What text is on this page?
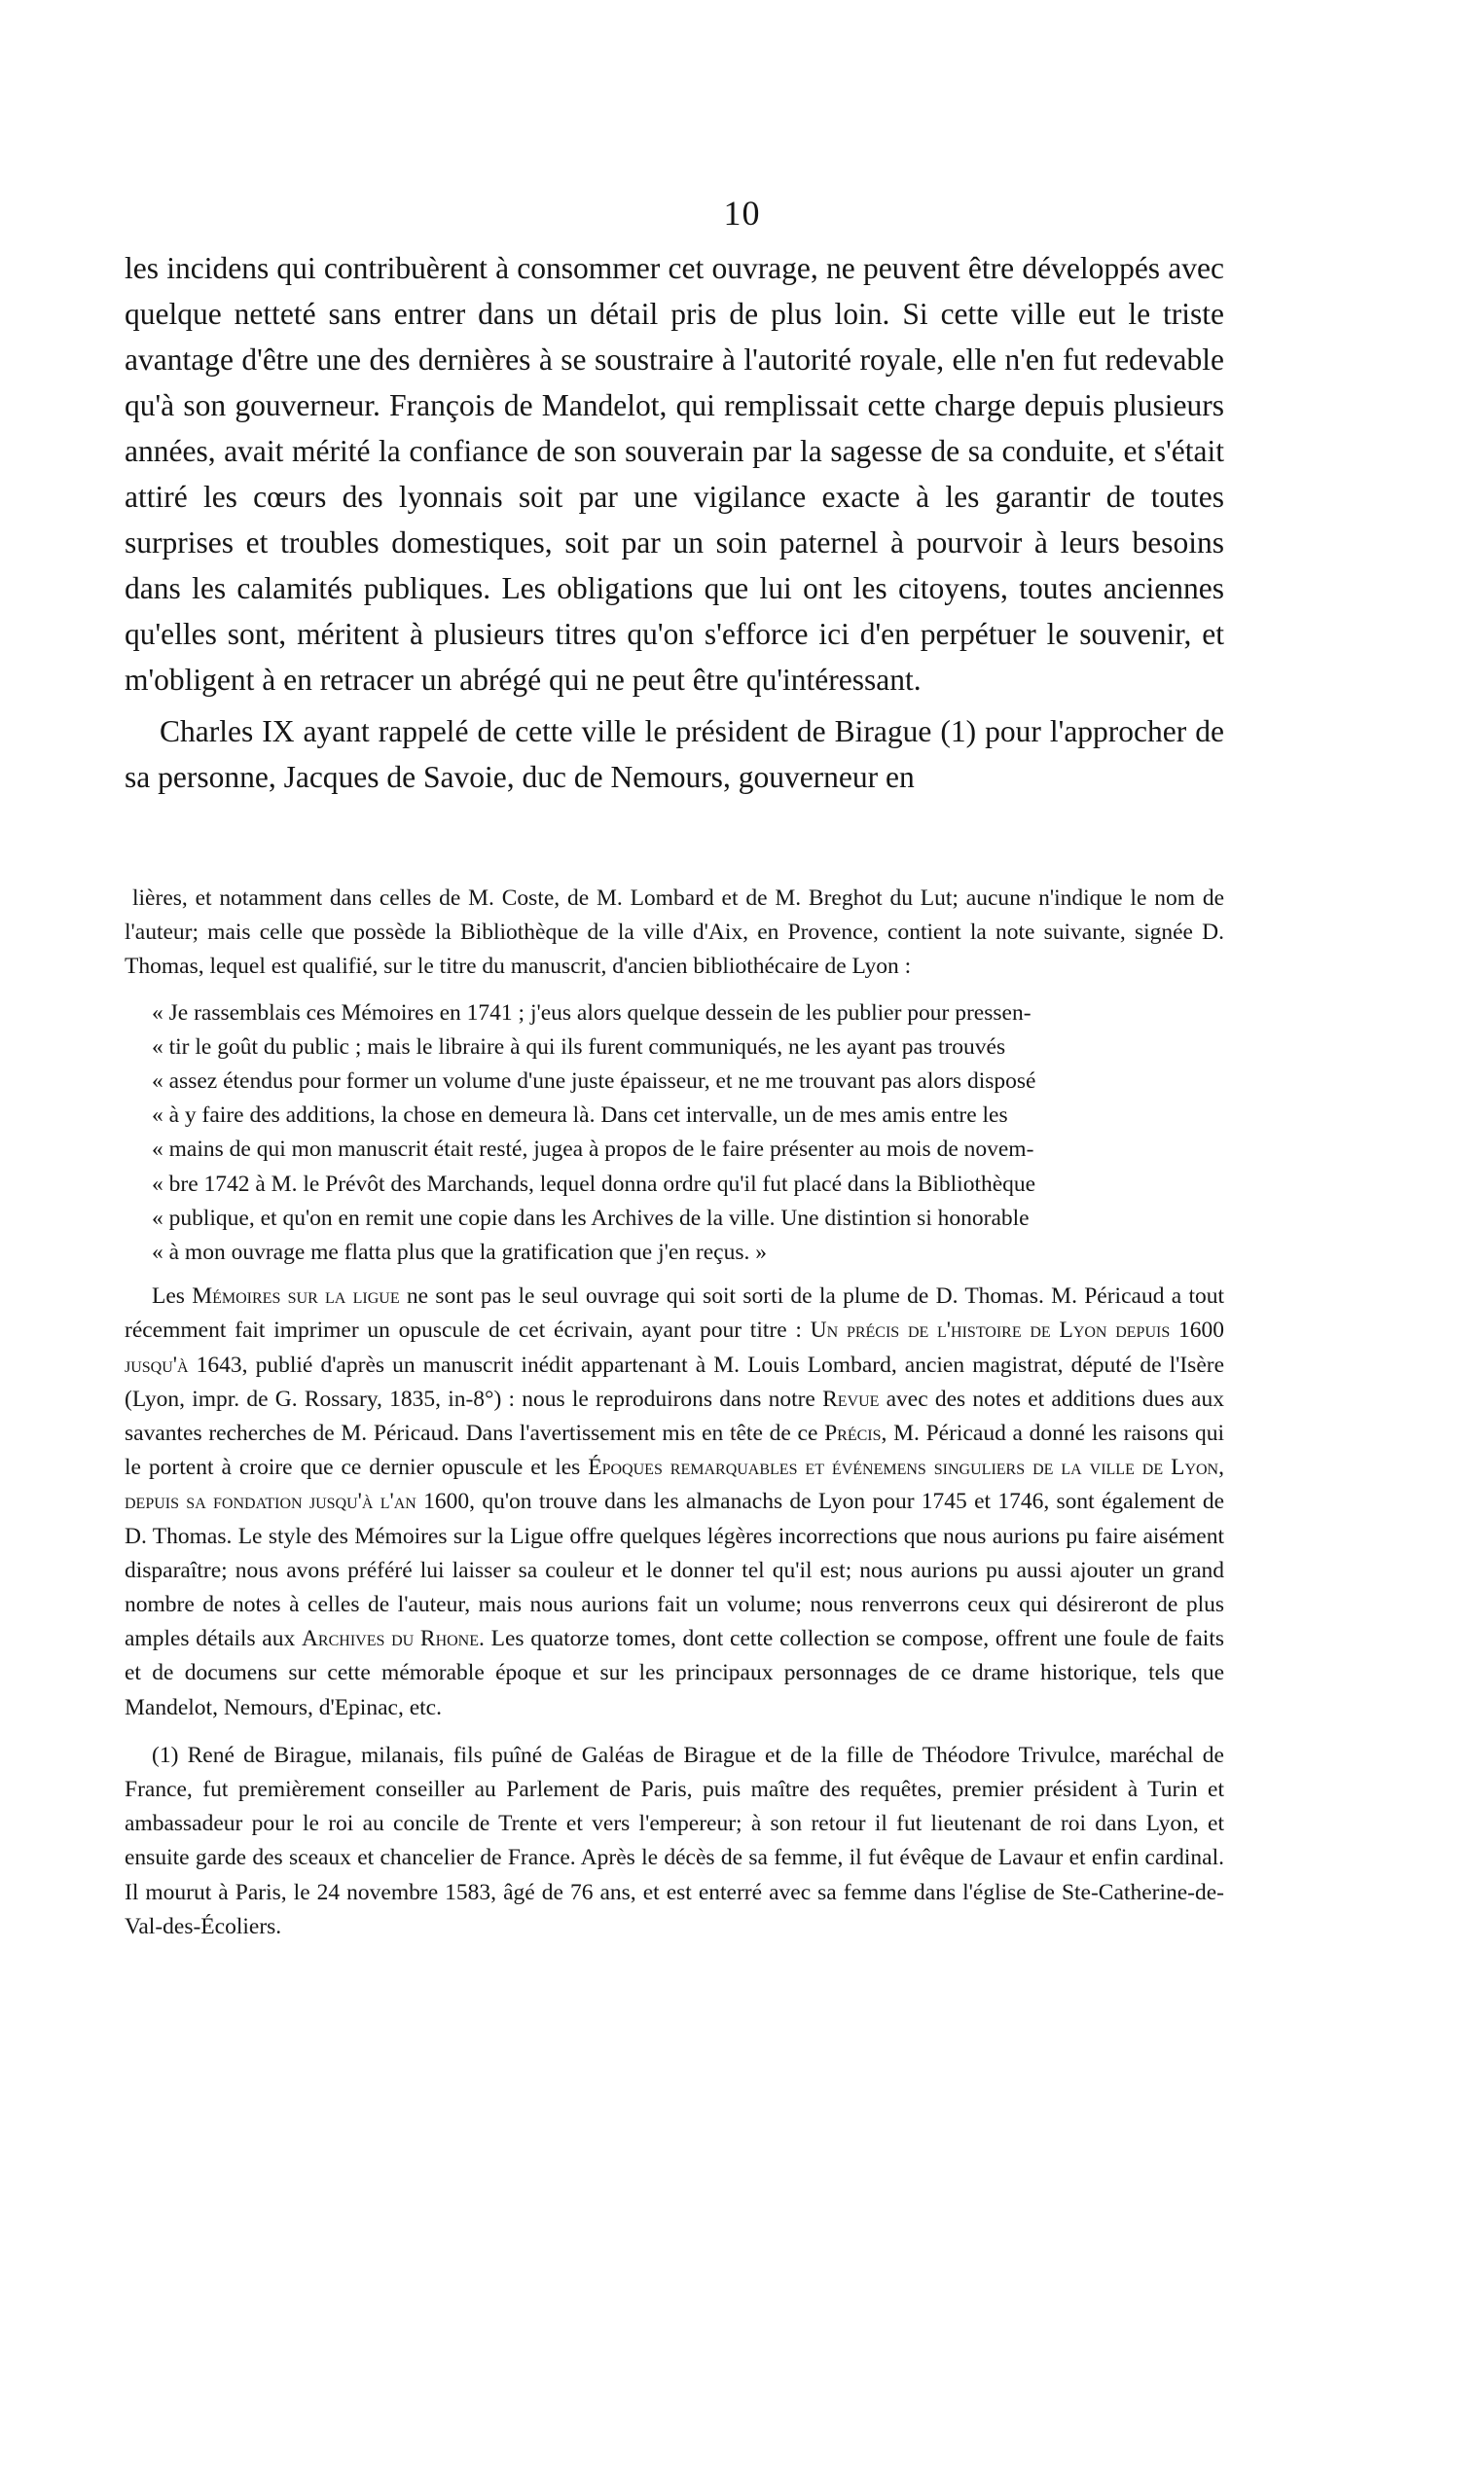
10

les incidens qui contribuèrent à consommer cet ouvrage, ne peuvent être développés avec quelque netteté sans entrer dans un détail pris de plus loin. Si cette ville eut le triste avantage d'être une des dernières à se soustraire à l'autorité royale, elle n'en fut redevable qu'à son gouverneur. François de Mandelot, qui remplissait cette charge depuis plusieurs années, avait mérité la confiance de son souverain par la sagesse de sa conduite, et s'était attiré les cœurs des lyonnais soit par une vigilance exacte à les garantir de toutes surprises et troubles domestiques, soit par un soin paternel à pourvoir à leurs besoins dans les calamités publiques. Les obligations que lui ont les citoyens, toutes anciennes qu'elles sont, méritent à plusieurs titres qu'on s'efforce ici d'en perpétuer le souvenir, et m'obligent à en retracer un abrégé qui ne peut être qu'intéressant.

Charles IX ayant rappelé de cette ville le président de Birague (1) pour l'approcher de sa personne, Jacques de Savoie, duc de Nemours, gouverneur en

lières, et notamment dans celles de M. Coste, de M. Lombard et de M. Breghot du Lut; aucune n'indique le nom de l'auteur; mais celle que possède la Bibliothèque de la ville d'Aix, en Provence, contient la note suivante, signée D. Thomas, lequel est qualifié, sur le titre du manuscrit, d'ancien bibliothécaire de Lyon :

« Je rassemblais ces Mémoires en 1741 ; j'eus alors quelque dessein de les publier pour pressen-
« tir le goût du public ; mais le libraire à qui ils furent communiqués, ne les ayant pas trouvés
« assez étendus pour former un volume d'une juste épaisseur, et ne me trouvant pas alors disposé
« à y faire des additions, la chose en demeura là. Dans cet intervalle, un de mes amis entre les
« mains de qui mon manuscrit était resté, jugea à propos de le faire présenter au mois de novem-
« bre 1742 à M. le Prévôt des Marchands, lequel donna ordre qu'il fut placé dans la Bibliothèque
« publique, et qu'on en remit une copie dans les Archives de la ville. Une distintion si honorable
« à mon ouvrage me flatta plus que la gratification que j'en reçus. »

Les Mémoires sur la ligue ne sont pas le seul ouvrage qui soit sorti de la plume de D. Thomas. M. Péricaud a tout récemment fait imprimer un opuscule de cet écrivain, ayant pour titre : Un précis de l'histoire de Lyon depuis 1600 jusqu'à 1643, publié d'après un manuscrit inédit appartenant à M. Louis Lombard, ancien magistrat, député de l'Isère (Lyon, impr. de G. Rossary, 1835, in-8°) : nous le reproduirons dans notre Revue avec des notes et additions dues aux savantes recherches de M. Péricaud. Dans l'avertissement mis en tête de ce Précis, M. Péricaud a donné les raisons qui le portent à croire que ce dernier opuscule et les Époques remarquables et événemens singuliers de la ville de Lyon, depuis sa fondation jusqu'à l'an 1600, qu'on trouve dans les almanachs de Lyon pour 1745 et 1746, sont également de D. Thomas. Le style des Mémoires sur la Ligue offre quelques légères incorrections que nous aurions pu faire aisément disparaître; nous avons préféré lui laisser sa couleur et le donner tel qu'il est; nous aurions pu aussi ajouter un grand nombre de notes à celles de l'auteur, mais nous aurions fait un volume; nous renverrons ceux qui désireront de plus amples détails aux Archives du Rhone. Les quatorze tomes, dont cette collection se compose, offrent une foule de faits et de documens sur cette mémorable époque et sur les principaux personnages de ce drame historique, tels que Mandelot, Nemours, d'Epinac, etc.

(1) René de Birague, milanais, fils puîné de Galéas de Birague et de la fille de Théodore Trivulce, maréchal de France, fut premièrement conseiller au Parlement de Paris, puis maître des requêtes, premier président à Turin et ambassadeur pour le roi au concile de Trente et vers l'empereur; à son retour il fut lieutenant de roi dans Lyon, et ensuite garde des sceaux et chancelier de France. Après le décès de sa femme, il fut évêque de Lavaur et enfin cardinal. Il mourut à Paris, le 24 novembre 1583, âgé de 76 ans, et est enterré avec sa femme dans l'église de Ste-Catherine-de-Val-des-Écoliers.
